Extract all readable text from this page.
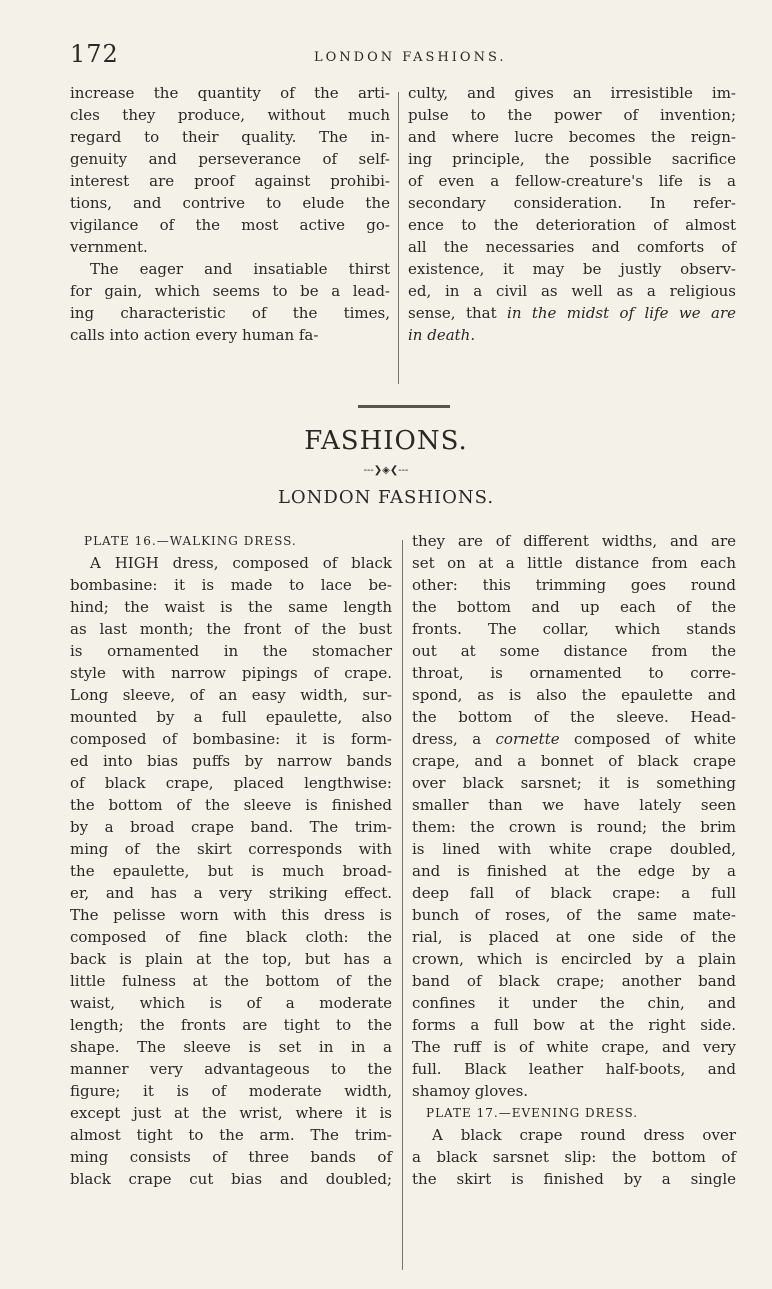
172	LONDON FASHIONS.
increase the quantity of the arti-
cles they produce, without much
regard to their quality. The in-
genuity and perseverance of self-
interest are proof against prohibi-
tions, and contrive to elude the
vigilance of the most active go-
vernment.
The eager and insatiable thirst
for gain, which seems to be a lead-
ing characteristic of the times,
calls into action every human fa-
culty, and gives an irresistible im-
pulse to the power of invention;
and where lucre becomes the reign-
ing principle, the possible sacrifice
of even a fellow-creature's life is a
secondary consideration. In refer-
ence to the deterioration of almost
all the necessaries and comforts of
existence, it may be justly observ-
ed, in a civil as well as a religious
sense, that in the midst of life we are
in death.
FASHIONS.
---❯◈❮---
LONDON FASHIONS.
PLATE 16.—WALKING DRESS.
A HIGH dress, composed of black
bombasine: it is made to lace be-
hind; the waist is the same length
as last month; the front of the bust
is ornamented in the stomacher
style with narrow pipings of crape.
Long sleeve, of an easy width, sur-
mounted by a full epaulette, also
composed of bombasine: it is form-
ed into bias puffs by narrow bands
of black crape, placed lengthwise:
the bottom of the sleeve is finished
by a broad crape band. The trim-
ming of the skirt corresponds with
the epaulette, but is much broad-
er, and has a very striking effect.
The pelisse worn with this dress is
composed of fine black cloth: the
back is plain at the top, but has a
little fulness at the bottom of the
waist, which is of a moderate
length; the fronts are tight to the
shape. The sleeve is set in in a
manner very advantageous to the
figure; it is of moderate width,
except just at the wrist, where it is
almost tight to the arm. The trim-
ming consists of three bands of
black crape cut bias and doubled;
they are of different widths, and are
set on at a little distance from each
other: this trimming goes round
the bottom and up each of the
fronts. The collar, which stands
out at some distance from the
throat, is ornamented to corre-
spond, as is also the epaulette and
the bottom of the sleeve. Head-
dress, a cornette composed of white
crape, and a bonnet of black crape
over black sarsnet; it is something
smaller than we have lately seen
them: the crown is round; the brim
is lined with white crape doubled,
and is finished at the edge by a
deep fall of black crape: a full
bunch of roses, of the same mate-
rial, is placed at one side of the
crown, which is encircled by a plain
band of black crape; another band
confines it under the chin, and
forms a full bow at the right side.
The ruff is of white crape, and very
full. Black leather half-boots, and
shamoy gloves.
PLATE 17.—EVENING DRESS.
A black crape round dress over
a black sarsnet slip: the bottom of
the skirt is finished by a single
